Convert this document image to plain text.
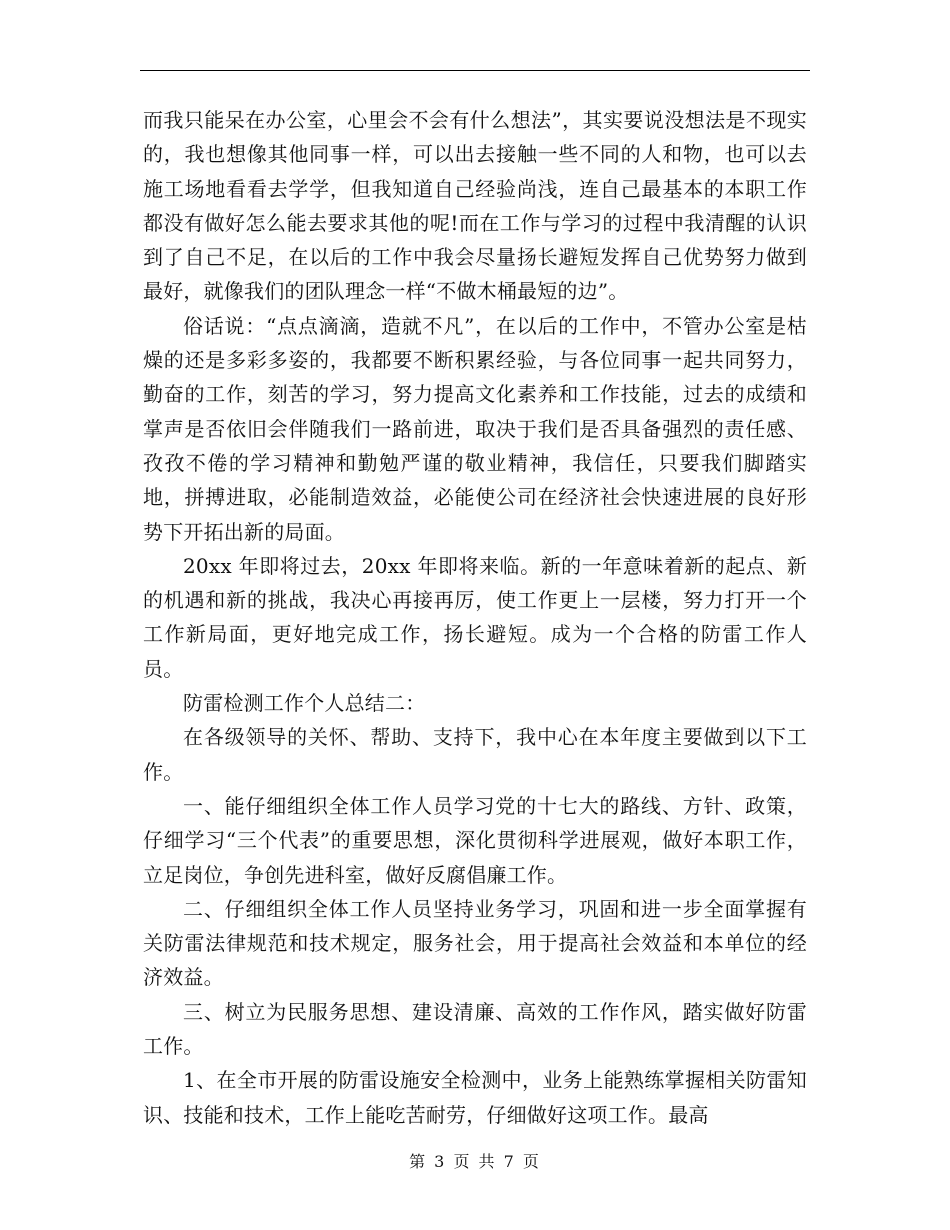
而我只能呆在办公室，心里会不会有什么想法”，其实要说没想法是不现实的，我也想像其他同事一样，可以出去接触一些不同的人和物，也可以去施工场地看看去学学，但我知道自己经验尚浅，连自己最基本的本职工作都没有做好怎么能去要求其他的呢!而在工作与学习的过程中我清醒的认识到了自己不足，在以后的工作中我会尽量扬长避短发挥自己优势努力做到最好，就像我们的团队理念一样“不做木桶最短的边”。

俗话说：“点点滴滴，造就不凡”，在以后的工作中，不管办公室是枯燥的还是多彩多姿的，我都要不断积累经验，与各位同事一起共同努力，勤奋的工作，刻苦的学习，努力提高文化素养和工作技能，过去的成绩和掌声是否依旧会伴随我们一路前进，取决于我们是否具备强烈的责任感、孜孜不倦的学习精神和勤勉严谨的敬业精神，我信任，只要我们脚踏实地，拼搏进取，必能制造效益，必能使公司在经济社会快速进展的良好形势下开拓出新的局面。

20xx 年即将过去，20xx 年即将来临。新的一年意味着新的起点、新的机遇和新的挑战，我决心再接再厉，使工作更上一层楼，努力打开一个工作新局面，更好地完成工作，扬长避短。成为一个合格的防雷工作人员。

防雷检测工作个人总结二：

在各级领导的关怀、帮助、支持下，我中心在本年度主要做到以下工作。

一、能仔细组织全体工作人员学习党的十七大的路线、方针、政策，仔细学习“三个代表”的重要思想，深化贯彻科学进展观，做好本职工作，立足岗位，争创先进科室，做好反腐倡廉工作。

二、仔细组织全体工作人员坚持业务学习，巩固和进一步全面掌握有关防雷法律规范和技术规定，服务社会，用于提高社会效益和本单位的经济效益。

三、树立为民服务思想、建设清廉、高效的工作作风，踏实做好防雷工作。

1、在全市开展的防雷设施安全检测中，业务上能熟练掌握相关防雷知识、技能和技术，工作上能吃苦耐劳，仔细做好这项工作。最高

第 3 页 共 7 页
